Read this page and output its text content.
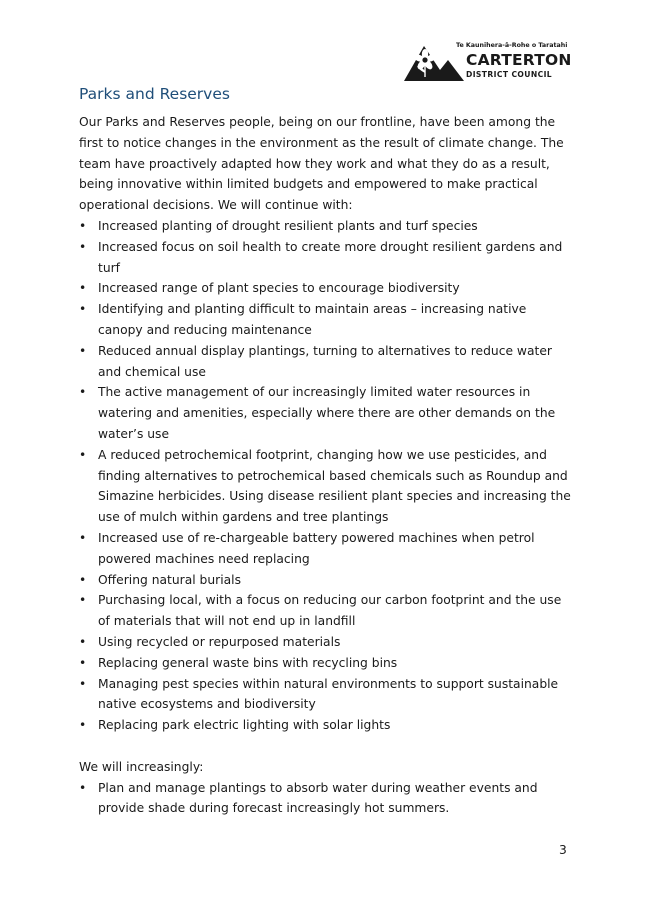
Te Kaunihera-ā-Rohe o Taratahi
CARTERTON
DISTRICT COUNCIL
Parks and Reserves

Our Parks and Reserves people, being on our frontline, have been among the first to notice changes in the environment as the result of climate change. The team have proactively adapted how they work and what they do as a result, being innovative within limited budgets and empowered to make practical operational decisions. We will continue with:

• Increased planting of drought resilient plants and turf species
• Increased focus on soil health to create more drought resilient gardens and turf
• Increased range of plant species to encourage biodiversity
• Identifying and planting difficult to maintain areas – increasing native canopy and reducing maintenance
• Reduced annual display plantings, turning to alternatives to reduce water and chemical use
• The active management of our increasingly limited water resources in watering and amenities, especially where there are other demands on the water’s use
• A reduced petrochemical footprint, changing how we use pesticides, and finding alternatives to petrochemical based chemicals such as Roundup and Simazine herbicides. Using disease resilient plant species and increasing the use of mulch within gardens and tree plantings
• Increased use of re-chargeable battery powered machines when petrol powered machines need replacing
• Offering natural burials
• Purchasing local, with a focus on reducing our carbon footprint and the use of materials that will not end up in landfill
• Using recycled or repurposed materials
• Replacing general waste bins with recycling bins
• Managing pest species within natural environments to support sustainable native ecosystems and biodiversity
• Replacing park electric lighting with solar lights

We will increasingly:

• Plan and manage plantings to absorb water during weather events and provide shade during forecast increasingly hot summers.
3
